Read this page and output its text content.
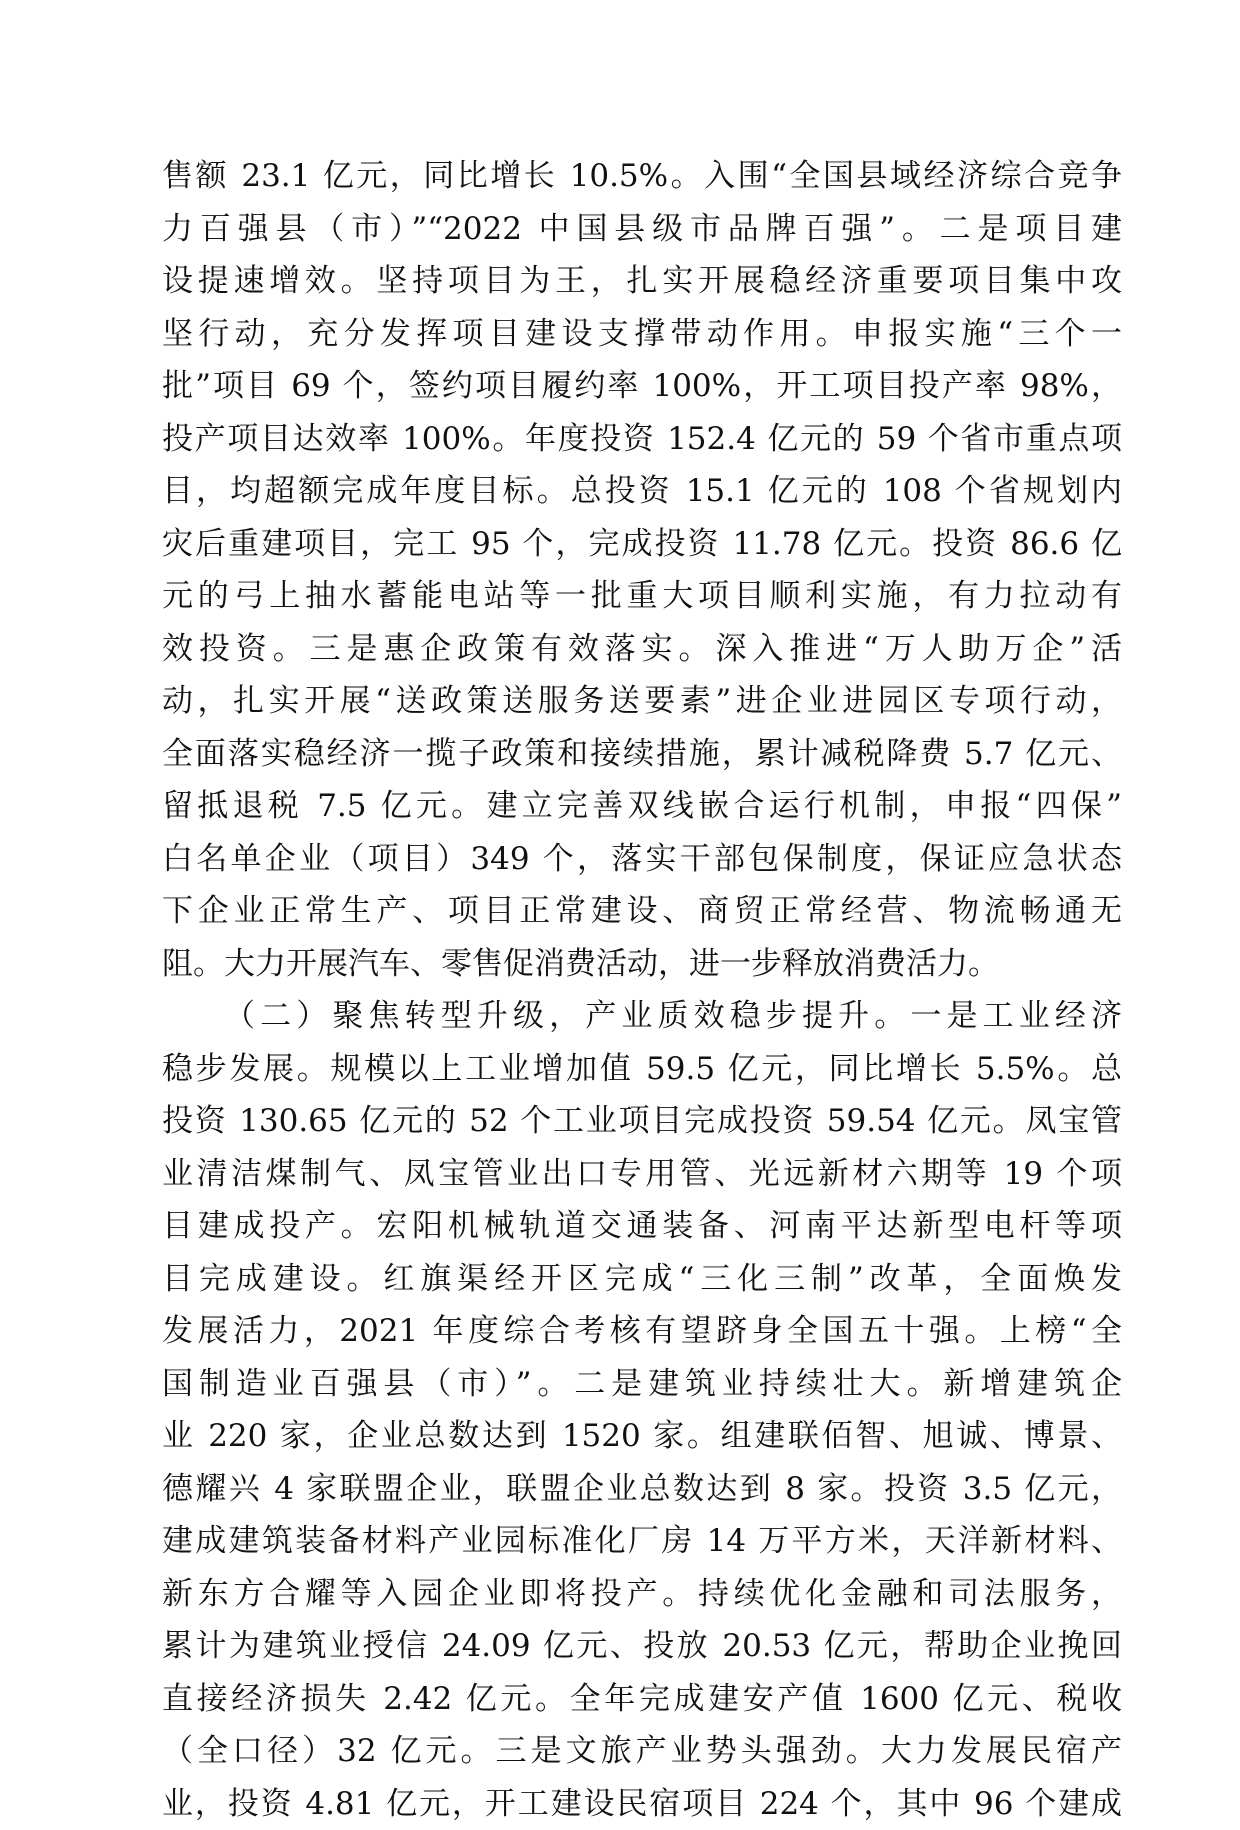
售额 23.1 亿元，同比增长 10.5%。入围“全国县域经济综合竞争
力百强县（市）”“2022 中国县级市品牌百强”。二是项目建
设提速增效。坚持项目为王，扎实开展稳经济重要项目集中攻
坚行动，充分发挥项目建设支撑带动作用。申报实施“三个一
批”项目 69 个，签约项目履约率 100%，开工项目投产率 98%，
投产项目达效率 100%。年度投资 152.4 亿元的 59 个省市重点项
目，均超额完成年度目标。总投资 15.1 亿元的 108 个省规划内
灾后重建项目，完工 95 个，完成投资 11.78 亿元。投资 86.6 亿
元的弓上抽水蓄能电站等一批重大项目顺利实施，有力拉动有
效投资。三是惠企政策有效落实。深入推进“万人助万企”活
动，扎实开展“送政策送服务送要素”进企业进园区专项行动，
全面落实稳经济一揽子政策和接续措施，累计减税降费 5.7 亿元、
留抵退税 7.5 亿元。建立完善双线嵌合运行机制，申报“四保”
白名单企业（项目）349 个，落实干部包保制度，保证应急状态
下企业正常生产、项目正常建设、商贸正常经营、物流畅通无
阻。大力开展汽车、零售促消费活动，进一步释放消费活力。
（二）聚焦转型升级，产业质效稳步提升。一是工业经济
稳步发展。规模以上工业增加值 59.5 亿元，同比增长 5.5%。总
投资 130.65 亿元的 52 个工业项目完成投资 59.54 亿元。凤宝管
业清洁煤制气、凤宝管业出口专用管、光远新材六期等 19 个项
目建成投产。宏阳机械轨道交通装备、河南平达新型电杆等项
目完成建设。红旗渠经开区完成“三化三制”改革，全面焕发
发展活力，2021 年度综合考核有望跻身全国五十强。上榜“全
国制造业百强县（市）”。二是建筑业持续壮大。新增建筑企
业 220 家，企业总数达到 1520 家。组建联佰智、旭诚、博景、
德耀兴 4 家联盟企业，联盟企业总数达到 8 家。投资 3.5 亿元，
建成建筑装备材料产业园标准化厂房 14 万平方米，天洋新材料、
新东方合耀等入园企业即将投产。持续优化金融和司法服务，
累计为建筑业授信 24.09 亿元、投放 20.53 亿元，帮助企业挽回
直接经济损失 2.42 亿元。全年完成建安产值 1600 亿元、税收
（全口径）32 亿元。三是文旅产业势头强劲。大力发展民宿产
业，投资 4.81 亿元，开工建设民宿项目 224 个，其中 96 个建成
